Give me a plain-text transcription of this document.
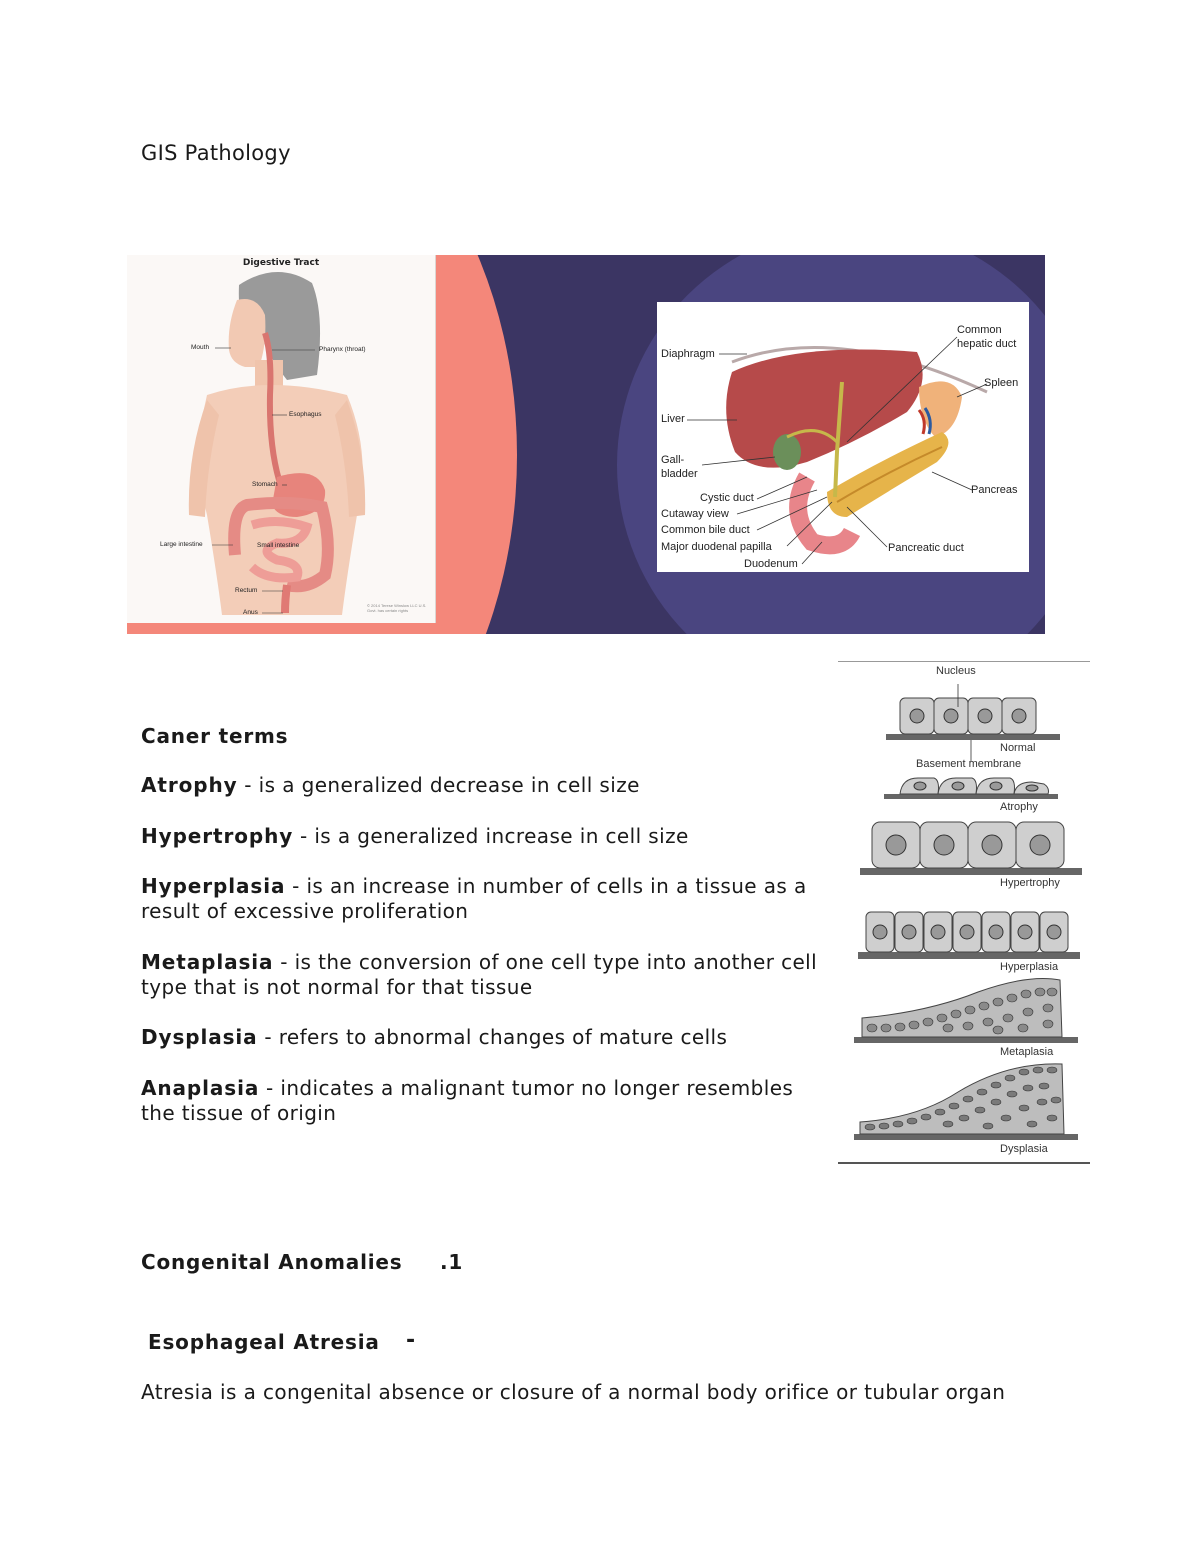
GIS Pathology
Digestive Tract
Mouth	Pharynx (throat)
Esophagus
Stomach
Large intestine	Small intestine
Rectum
Anus
© 2014 Terese Winslow LLC U.S. Govt. has certain rights
Diaphragm
Liver
Gall-
bladder
Cystic duct
Cutaway view
Common bile duct
Major duodenal papilla
Duodenum
Common
hepatic duct
Spleen
Pancreas
Pancreatic duct
Caner terms
Atrophy - is a generalized decrease in cell size
Hypertrophy - is a generalized increase in cell size
Hyperplasia - is an increase in number of cells in a tissue as a result of excessive proliferation
Metaplasia - is the conversion of one cell type into another cell type that is not normal for that tissue
Dysplasia - refers to abnormal changes of mature cells
Anaplasia - indicates a malignant tumor no longer resembles the tissue of origin
Nucleus
Normal
Basement membrane
Atrophy
Hypertrophy
Hyperplasia
Metaplasia
Dysplasia
Congenital Anomalies .1
Esophageal Atresia -
Atresia is a congenital absence or closure of a normal body orifice or tubular organ
